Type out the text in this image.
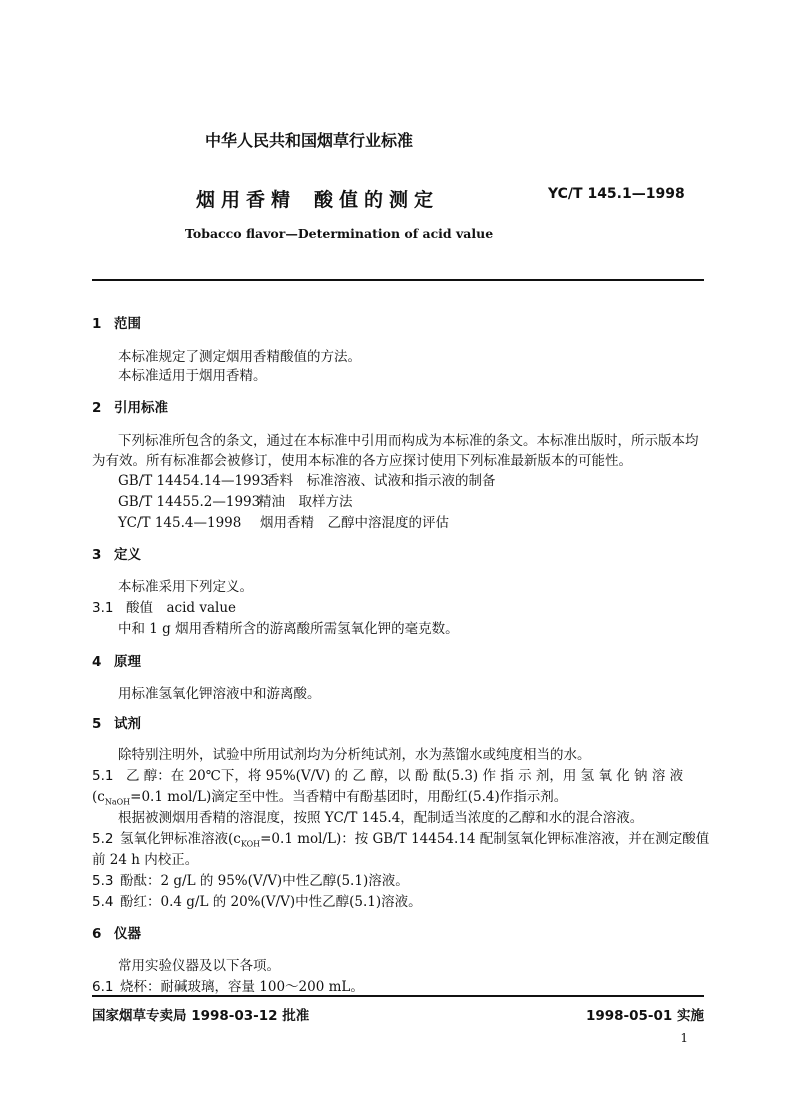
中华人民共和国烟草行业标准
烟用香精 酸值的测定	YC/T 145.1—1998
Tobacco flavor—Determination of acid value
1 范围
本标准规定了测定烟用香精酸值的方法。
本标准适用于烟用香精。
2 引用标准
下列标准所包含的条文，通过在本标准中引用而构成为本标准的条文。本标准出版时，所示版本均
为有效。所有标准都会被修订，使用本标准的各方应探讨使用下列标准最新版本的可能性。
GB/T 14454.14—1993香料　标准溶液、试液和指示液的制备
GB/T 14455.2—1993精油　取样方法
YC/T 145.4—1998 烟用香精　乙醇中溶混度的评估
3 定义
本标准采用下列定义。
3.1 酸值　acid value
中和 1 g 烟用香精所含的游离酸所需氢氧化钾的毫克数。
4 原理
用标准氢氧化钾溶液中和游离酸。
5 试剂
除特别注明外，试验中所用试剂均为分析纯试剂，水为蒸馏水或纯度相当的水。
5.1 乙 醇：在 20℃下，将 95%(V/V) 的 乙 醇，以 酚 酞(5.3) 作 指 示 剂，用 氢 氧 化 钠 溶 液
($c_{NaOH}=0.1$ mol/L)滴定至中性。当香精中有酚基团时，用酚红(5.4)作指示剂。
根据被测烟用香精的溶混度，按照 YC/T 145.4，配制适当浓度的乙醇和水的混合溶液。
5.2 氢氧化钾标准溶液($c_{KOH}=0.1$ mol/L)：按 GB/T 14454.14 配制氢氧化钾标准溶液，并在测定酸值
前 24 h 内校正。
5.3 酚酞：2 g/L 的 95%(V/V)中性乙醇(5.1)溶液。
5.4 酚红：0.4 g/L 的 20%(V/V)中性乙醇(5.1)溶液。
6 仪器
常用实验仪器及以下各项。
6.1 烧杯：耐碱玻璃，容量 100～200 mL。
国家烟草专卖局 1998-03-12 批准	1998-05-01 实施
1
